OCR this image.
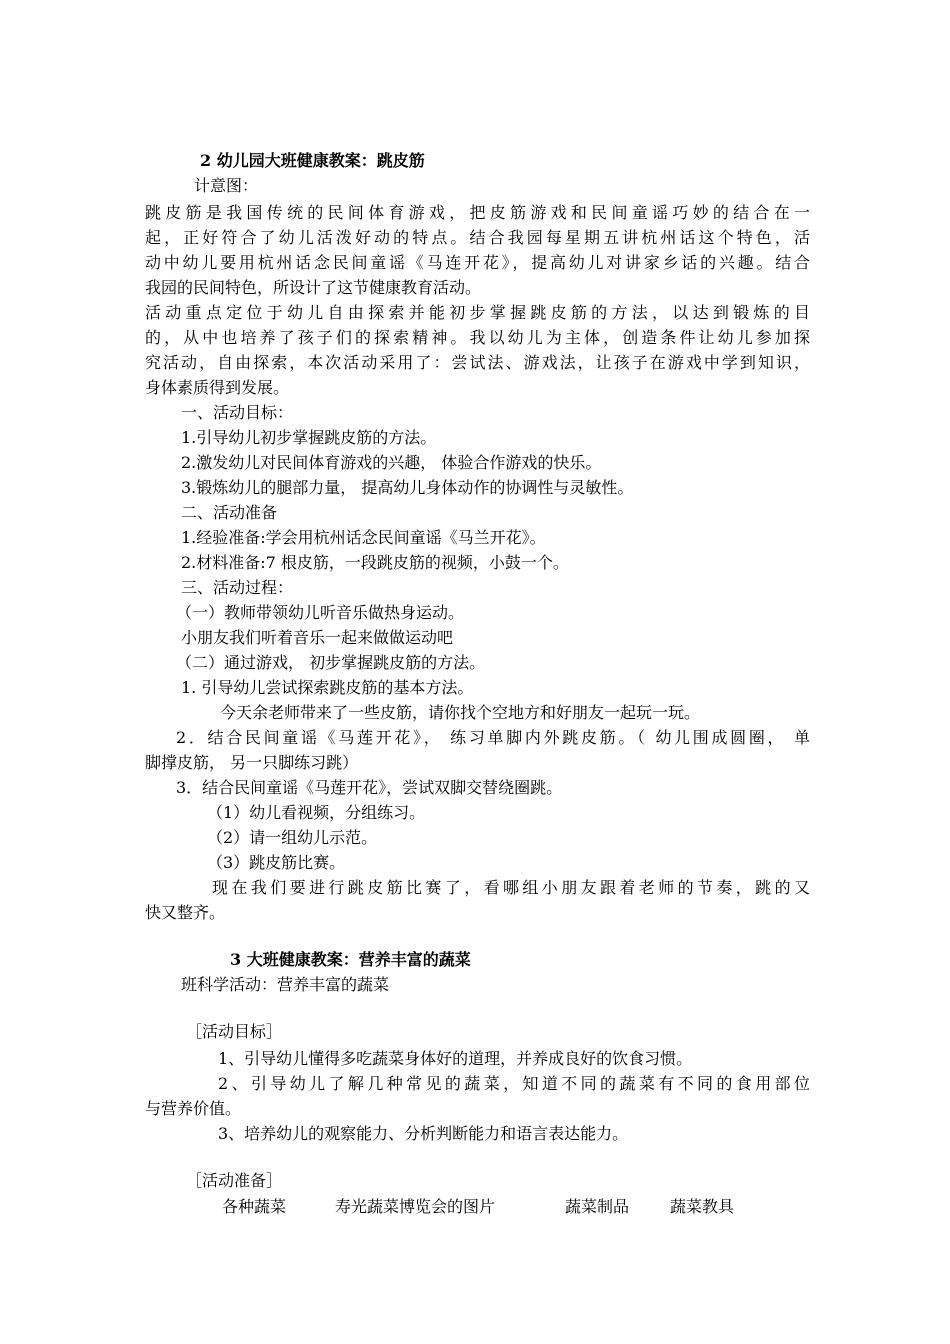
2 幼儿园大班健康教案：跳皮筋
计意图：
跳皮筋是我国传统的民间体育游戏，把皮筋游戏和民间童谣巧妙的结合在一
起，正好符合了幼儿活泼好动的特点。结合我园每星期五讲杭州话这个特色，活
动中幼儿要用杭州话念民间童谣《马连开花》，提高幼儿对讲家乡话的兴趣。结合
我园的民间特色，所设计了这节健康教育活动。
活动重点定位于幼儿自由探索并能初步掌握跳皮筋的方法，以达到锻炼的目
的，从中也培养了孩子们的探索精神。我以幼儿为主体，创造条件让幼儿参加探
究活动，自由探索，本次活动采用了：尝试法、游戏法，让孩子在游戏中学到知识，
身体素质得到发展。
一、活动目标：
1.引导幼儿初步掌握跳皮筋的方法。
2.激发幼儿对民间体育游戏的兴趣， 体验合作游戏的快乐。
3.锻炼幼儿的腿部力量， 提高幼儿身体动作的协调性与灵敏性。
二、活动准备
1.经验准备:学会用杭州话念民间童谣《马兰开花》。
2.材料准备:7 根皮筋，一段跳皮筋的视频，小鼓一个。
三、活动过程：
（一）教师带领幼儿听音乐做热身运动。
小朋友我们听着音乐一起来做做运动吧
（二）通过游戏， 初步掌握跳皮筋的方法。
1. 引导幼儿尝试探索跳皮筋的基本方法。
今天余老师带来了一些皮筋，请你找个空地方和好朋友一起玩一玩。
2．结合民间童谣《马莲开花》， 练习单脚内外跳皮筋。（ 幼儿围成圆圈， 单
脚撑皮筋， 另一只脚练习跳）
3．结合民间童谣《马莲开花》，尝试双脚交替绕圈跳。
（1）幼儿看视频，分组练习。
（2）请一组幼儿示范。
（3）跳皮筋比赛。
现在我们要进行跳皮筋比赛了，看哪组小朋友跟着老师的节奏，跳的又
快又整齐。
3 大班健康教案：营养丰富的蔬菜
班科学活动：营养丰富的蔬菜
［活动目标］
1、引导幼儿懂得多吃蔬菜身体好的道理，并养成良好的饮食习惯。
2、引导幼儿了解几种常见的蔬菜，知道不同的蔬菜有不同的食用部位
与营养价值。
3、培养幼儿的观察能力、分析判断能力和语言表达能力。
［活动准备］
各种蔬菜	寿光蔬菜博览会的图片	蔬菜制品	蔬菜教具
